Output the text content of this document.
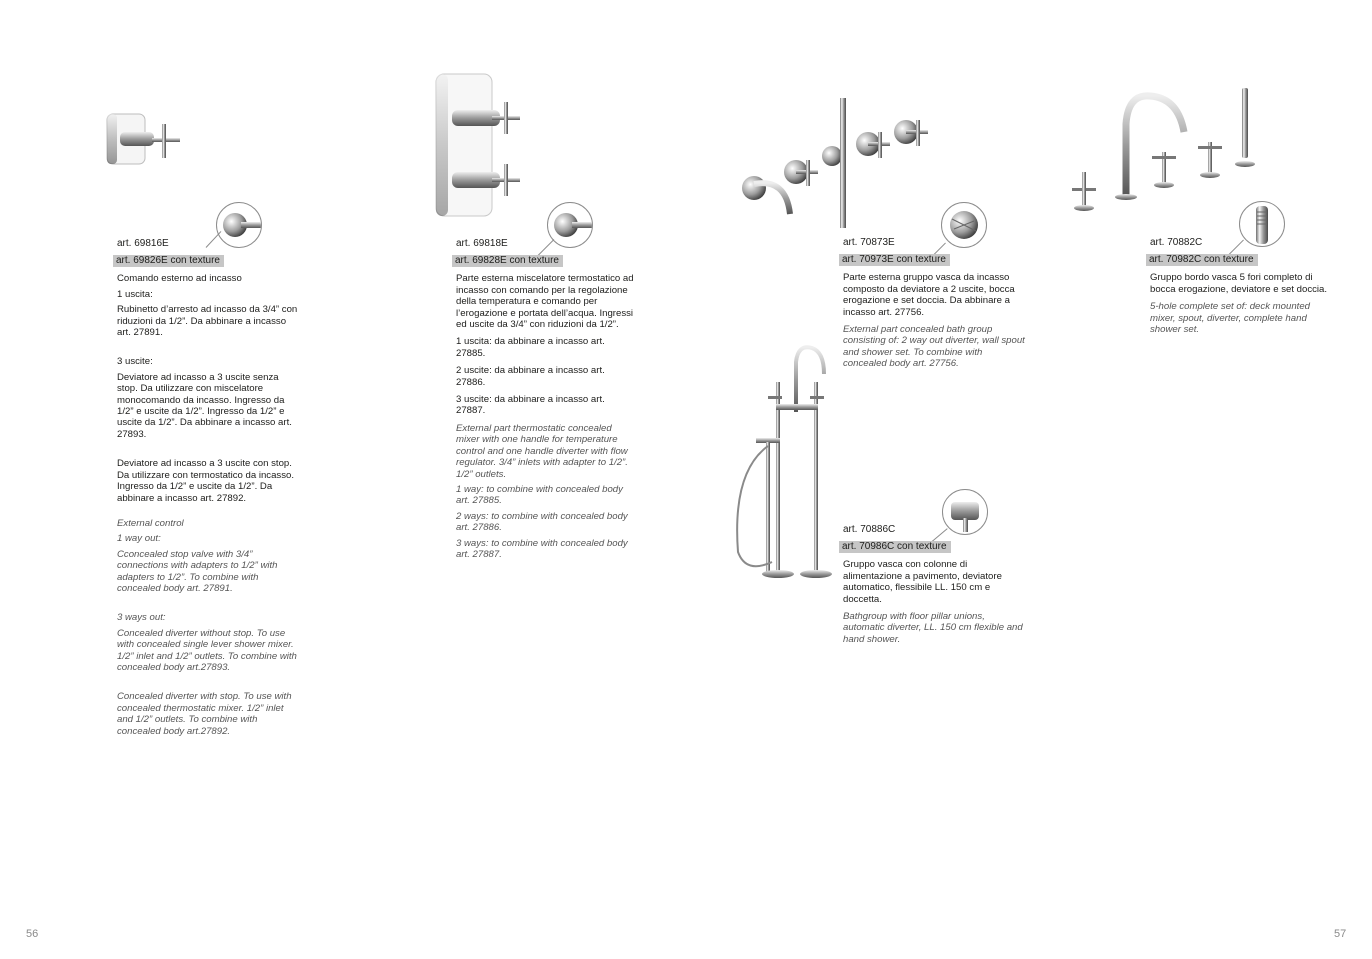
art. 69816E

art. 69826E con texture

Comando esterno ad incasso

1 uscita:

Rubinetto d’arresto ad incasso da 3/4” con riduzioni da 1/2”. Da abbinare a incasso art. 27891.

3 uscite:

Deviatore ad incasso a 3 uscite senza stop. Da utilizzare con miscelatore monocomando da incasso. Ingresso da 1/2” e uscite da 1/2”. Ingresso da 1/2” e uscite da 1/2”. Da abbinare a incasso art. 27893.

Deviatore ad incasso a 3 uscite con stop. Da utilizzare con termostatico da incasso. Ingresso da 1/2” e uscite da 1/2”. Da abbinare a incasso art. 27892.

External control

1 way out:

Cconcealed stop valve with 3/4” connections with adapters to 1/2” with adapters to 1/2”. To combine with concealed body art. 27891.

3 ways out:

Concealed diverter without stop. To use with concealed single lever shower mixer. 1/2” inlet and 1/2” outlets. To combine with concealed body art.27893.

Concealed diverter with stop. To use with concealed thermostatic mixer. 1/2” inlet and 1/2” outlets. To combine with concealed body art.27892.

art. 69818E

art. 69828E con texture

Parte esterna miscelatore termostatico ad incasso con comando per la regolazione della temperatura e comando per l’erogazione e portata dell’acqua. Ingressi ed uscite da 3/4” con riduzioni da 1/2”.

1 uscita: da abbinare a incasso art. 27885.

2 uscite: da abbinare a incasso art. 27886.

3 uscite: da abbinare a incasso art. 27887.

External part thermostatic concealed mixer with one handle for temperature control and one handle diverter with flow regulator. 3/4” inlets with adapter to 1/2”. 1/2” outlets.

1 way: to combine with concealed body art. 27885.

2 ways: to combine with concealed body art. 27886.

3 ways: to combine with concealed body art. 27887.

art. 70873E

art. 70973E con texture

Parte esterna gruppo vasca da incasso composto da deviatore a 2 uscite, bocca erogazione e set doccia. Da abbinare a incasso art. 27756.

External part concealed bath group consisting of: 2 way out diverter, wall spout and shower set. To combine with concealed body art. 27756.

art. 70886C

art. 70986C con texture

Gruppo vasca con colonne di alimentazione a pavimento, deviatore automatico, flessibile LL. 150 cm e doccetta.

Bathgroup with floor pillar unions, automatic diverter, LL. 150 cm flexible and hand shower.

art. 70882C

art. 70982C con texture

Gruppo bordo vasca 5 fori completo di bocca erogazione, deviatore e set doccia.

5-hole complete set of: deck mounted mixer, spout, diverter, complete hand shower set.

56	57
